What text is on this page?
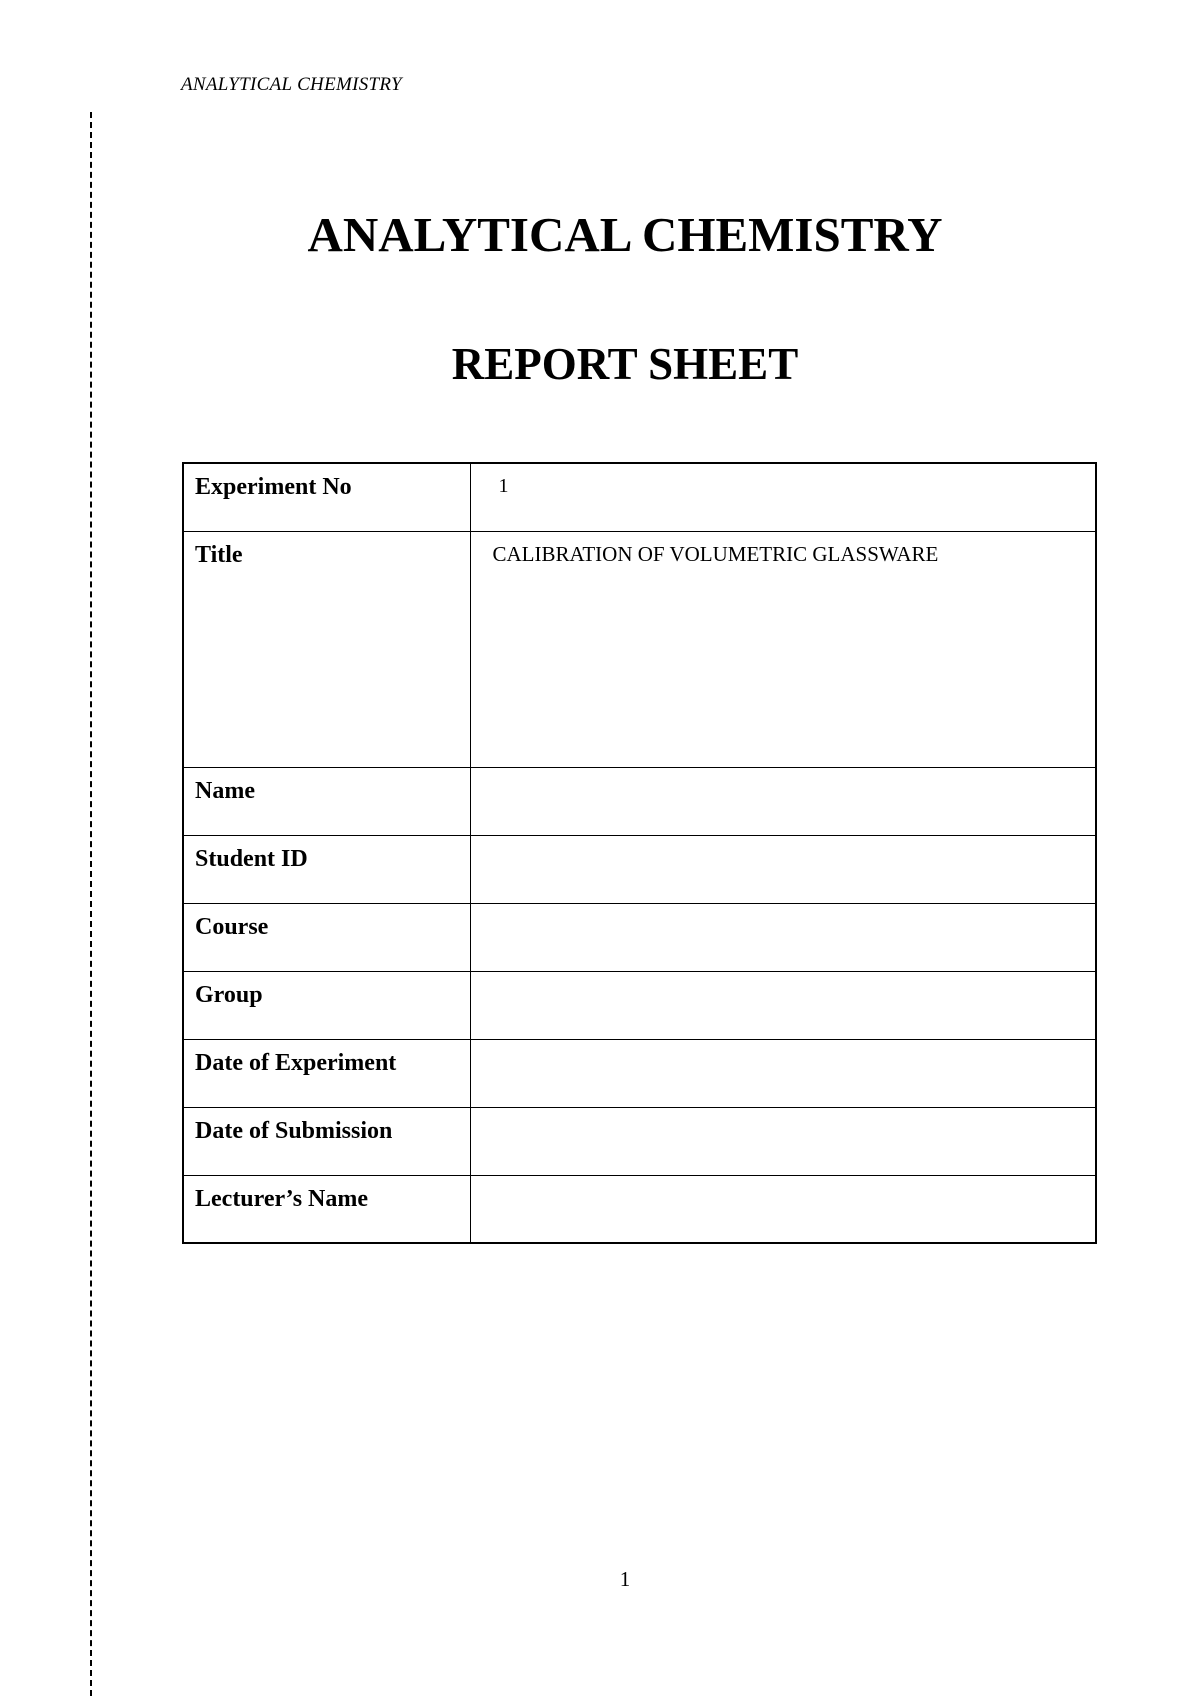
ANALYTICAL CHEMISTRY
ANALYTICAL CHEMISTRY
REPORT SHEET
Experiment No	1

Title	CALIBRATION OF VOLUMETRIC GLASSWARE

Name	

Student ID	

Course	

Group	

Date of Experiment	

Date of Submission	

Lecturer’s Name	

1
